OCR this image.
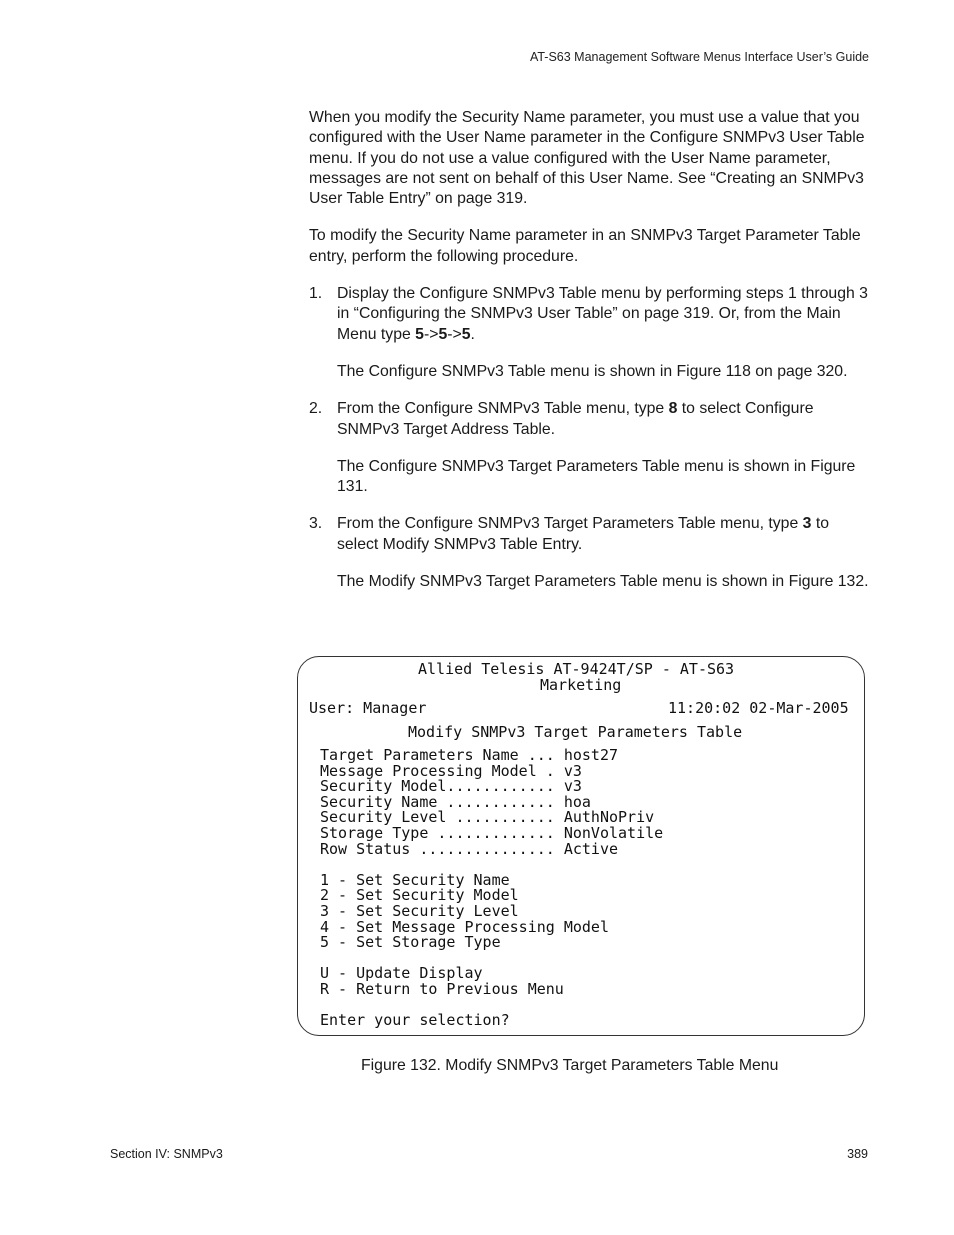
AT-S63 Management Software Menus Interface User’s Guide

When you modify the Security Name parameter, you must use a value that you configured with the User Name parameter in the Configure SNMPv3 User Table menu. If you do not use a value configured with the User Name parameter, messages are not sent on behalf of this User Name. See “Creating an SNMPv3 User Table Entry” on page 319.

To modify the Security Name parameter in an SNMPv3 Target Parameter Table entry, perform the following procedure.

1. Display the Configure SNMPv3 Table menu by performing steps 1 through 3 in “Configuring the SNMPv3 User Table” on page 319. Or, from the Main Menu type 5->5->5.

The Configure SNMPv3 Table menu is shown in Figure 118 on page 320.

2. From the Configure SNMPv3 Table menu, type 8 to select Configure SNMPv3 Target Address Table.

The Configure SNMPv3 Target Parameters Table menu is shown in Figure 131.

3. From the Configure SNMPv3 Target Parameters Table menu, type 3 to select Modify SNMPv3 Table Entry.

The Modify SNMPv3 Target Parameters Table menu is shown in Figure 132.

Allied Telesis AT-9424T/SP - AT-S63
Marketing
User: Manager	11:20:02 02-Mar-2005
Modify SNMPv3 Target Parameters Table
Target Parameters Name ... host27
Message Processing Model . v3
Security Model............ v3
Security Name ............ hoa
Security Level ........... AuthNoPriv
Storage Type ............. NonVolatile
Row Status ............... Active
1 - Set Security Name
2 - Set Security Model
3 - Set Security Level
4 - Set Message Processing Model
5 - Set Storage Type
U - Update Display
R - Return to Previous Menu
Enter your selection?
Figure 132. Modify SNMPv3 Target Parameters Table Menu
Section IV: SNMPv3	389
